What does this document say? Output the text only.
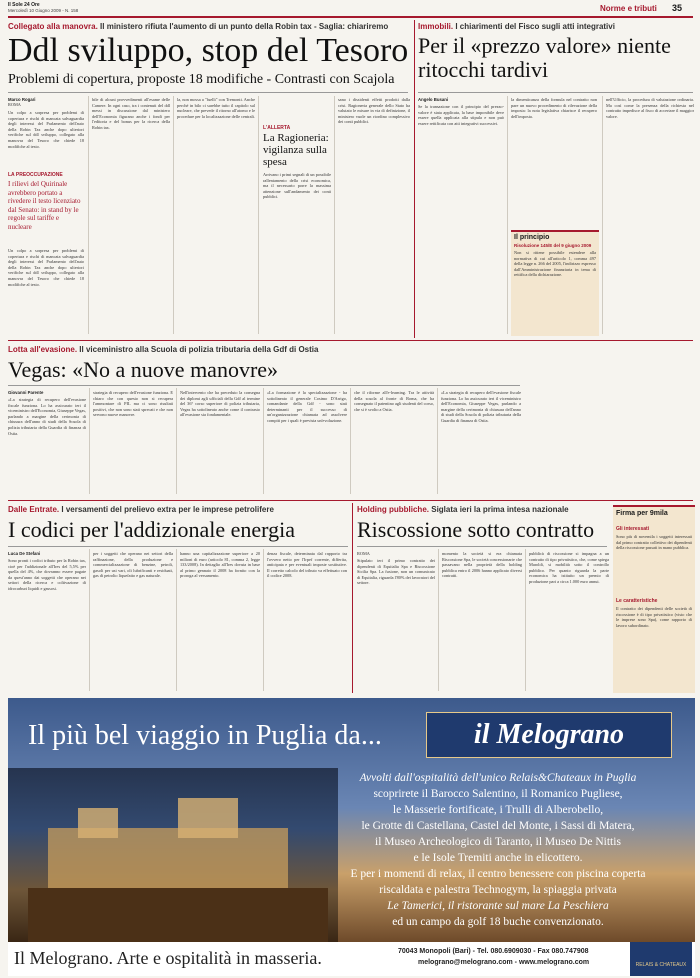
Il Sole 24 Ore
Mercoledì 10 Giugno 2009 - N. 158	Norme e tributi 35
Collegato alla manovra. Il ministero rifiuta l'aumento di un punto della Robin tax - Saglia: chiariremo
Ddl sviluppo, stop del Tesoro
Problemi di copertura, proposte 18 modifiche - Contrasti con Scajola
Marco Rogari
ROMA
Un colpo a sorpresa per problemi di copertura e rischi di mancata salvaguardia degli interessi del Parlamento dell'auto della Robin Tax anche dopo ulteriori verifiche sul ddl sviluppo, collegato alla manovra del Tesoro che chiede 18 modifiche al testo.
LA PREOCCUPAZIONE
I rilievi del Quirinale avrebbero portato a rivedere il testo licenziato dal Senato: in stand by le regole sul tariffe e nucleare
Un colpo a sorpresa per problemi di copertura e rischi di mancata salvaguardia degli interessi del Parlamento dell'auto della Robin Tax anche dopo ulteriori verifiche sul ddl sviluppo, collegato alla manovra del Tesoro che chiede 18 modifiche al testo.
bile di alcuni provvedimenti all'esame delle Camere. In ogni caso, tra i contenuti del ddl messi in discussione dal ministero dell'Economia figurano anche i fondi per l'editoria e del bonus per la ricerca della Robin tax.
la, non mossa a "fuelli" con Tremonti. Anche perché in bilo ci sarebbe tutto il capitolo sul nucleare, che prevede il ritorno all'atomo e le procedure per la localizzazione delle centrali.
L'ALLERTA
La Ragioneria: vigilanza sulla spesa
Arrivano i primi segnali di un possibile rallentamento della crisi economica, ma il necessario porre la massima attenzione sull'andamento dei conti pubblici.
sano i dissidenti effetti prodotti dalla crisi. Ragioneria generale dello Stato ha valutato le misure in via di definizione, il ministero vuole un riordino complessivo dei conti pubblici.
Immobili. I chiarimenti del Fisco sugli atti integrativi
Per il «prezzo valore» niente ritocchi tardivi
Angelo Busani
Se la transazione con il principio del prezzo-valore è stata applicata, la base imponibile deve essere quella applicata alla stipula e non può essere rettificata con atti integrativi successivi.
la dimenticanza della formula nel contratto non pare un nuovo procedimento di rilevazione della imposta: la nota legislativa chiarisce il recupero dell'imposta.
Il principio
Risoluzione 145/E del 9 giugno 2009
Non si ritiene possibile estendere alla normativa di cui all'articolo 1, comma 497 della legge n. 266 del 2005, l'indirizzo espresso dall'Amministrazione finanziaria in tema di rettifica della dichiarazione.
nell'Ufficio, la procedura di valutazione ordinaria. Ma così come la presenza della richiesta nel contratto impedisce al fisco di accertare il maggior valore.
Lotta all'evasione. Il viceministro alla Scuola di polizia tributaria della Gdf di Ostia
Vegas: «No a nuove manovre»
Giovanni Parente
«La strategia di recupero dell'evasione fiscale funziona. Lo ha assicurato ieri il viceministro dell'Economia, Giuseppe Vegas, parlando a margine della cerimonia di chiusura dell'anno di studi della Scuola di polizia tributaria della Guardia di finanza di Ostia.
strategia di recupero dell'evasione funziona. E chiaro che con questo non si recupera l'ammontare di PIL ma ci sono risultati positivi, che non sono stati sprecati e che non servono nuove manovre.
Nell'intervento che ha preceduto la consegna dei diplomi agli ufficiali della Gdf al termine del 36° corso superiore di polizia tributaria, Vegas ha sottolineato anche come il contrasto all'evasione sia fondamentale.
«La formazione è la specializzazione - ha sottolineato il generale Cosimo D'Arrigo, comandante della Gdf - sono stati determinanti per il successo di un'organizzazione chiamata ad assolvere compiti per i quali è prevista un'evoluzione.
che il riforme all'e-learning. Tra le attività della scuola al fronte di Roma, che ha consegnato il patentino agli studenti del corso, che si è svolto a Ostia.
«La strategia di recupero dell'evasione fiscale funziona. Lo ha assicurato ieri il viceministro dell'Economia, Giuseppe Vegas, parlando a margine della cerimonia di chiusura dell'anno di studi della Scuola di polizia tributaria della Guardia di finanza di Ostia.
Dalle Entrate. I versamenti del prelievo extra per le imprese petrolifere
I codici per l'addizionale energia
Luca De Stefani
Sono pronti i codici tributo per la Robin tax, cioè per l'addizionale all'Ires del 5,5% per quella del 4%, che dovranno essere pagate da quest'anno dai soggetti che operano nei settori della ricerca e coltivazione di idrocarburi liquidi e gassosi.
per i soggetti che operano nei settori della raffinazione, della produzione e commercializzazione di benzine, petroli, gasoli per usi vari, oli lubrificanti e residuati, gas di petrolio liquefatto e gas naturale.
hanno una capitalizzazione superiore a 20 milioni di euro (articolo 81, comma 2, legge 133/2008). In dettaglio all'Ires dovuta in base al primo gennaio il 2008 ha fornito con la proroga al versamento.
denza fiscale, determinata dal rapporto tra l'ovvero netto per l'Irpef corrente, differita, anticipata e per eventuali imposte sostitutive. Il corretto calcolo del tributo va effettuato con il codice 2008.
Holding pubbliche. Siglata ieri la prima intesa nazionale
Riscossione sotto contratto
ROMA
Stipulato ieri il primo contratto dei dipendenti di Equitalia Spa e Riscossione Sicilia Spa. La fusione, non un comunicato di Equitalia, riguarda l'80% dei lavoratori del settore.
momento la società si era chiamata Riscossione Spa, le società concessionarie che passavano nella proprietà della holding pubblica entro il 2006 hanno applicato diversi contratti.
pubblicà di riscossione si impagna a un contratto di tipo privatistico, che, come spiega Maroldi, si mobilità sotto il controllo pubblico. Per quanto riguarda la parte economica ha istituito un premio di produzione pari a circa 1.000 euro annui.
Firma per 9mila
Gli interessati
Sono più di novemila i soggetti interessati dal primo contratto collettivo dei dipendenti della riscossione passati in mano pubblica.
Le caratteristiche
Il contratto dei dipendenti delle società di riscossione è di tipo privatistico (visto che le imprese sono Spa), come rapporto di lavoro subordinato.
Il più bel viaggio in Puglia da...	il Melograno
Avvolti dall'ospitalità dell'unico Relais&Chateaux in Puglia
scoprirete il Barocco Salentino, il Romanico Pugliese,
le Masserie fortificate, i Trulli di Alberobello,
le Grotte di Castellana, Castel del Monte, i Sassi di Matera,
il Museo Archeologico di Taranto, il Museo De Nittis
e le Isole Tremiti anche in elicottero.
E per i momenti di relax, il centro benessere con piscina coperta
riscaldata e palestra Technogym, la spiaggia privata
Le Tamerici, il ristorante sul mare La Peschiera
ed un campo da golf 18 buche convenzionato.
Il Melograno. Arte e ospitalità in masseria.	70043 Monopoli (Bari) - Tel. 080.6909030 - Fax 080.747908
melograno@melograno.com - www.melograno.com	RELAIS & CHATEAUX
